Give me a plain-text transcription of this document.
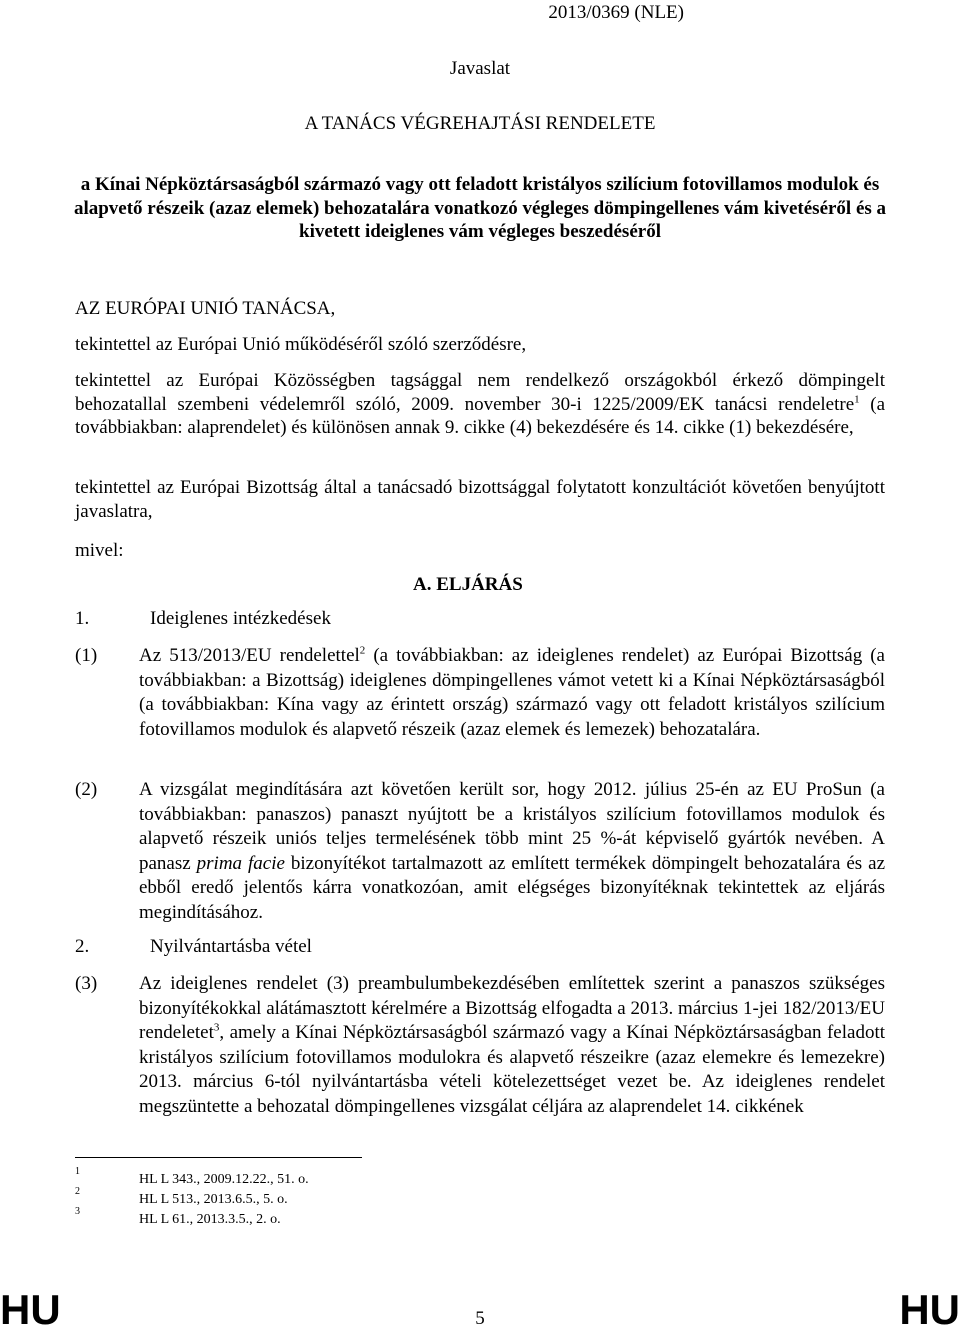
2013/0369 (NLE)
Javaslat
A TANÁCS VÉGREHAJTÁSI RENDELETE
a Kínai Népköztársaságból származó vagy ott feladott kristályos szilícium fotovillamos modulok és alapvető részeik (azaz elemek) behozatalára vonatkozó végleges dömpingellenes vám kivetéséről és a kivetett ideiglenes vám végleges beszedéséről
AZ EURÓPAI UNIÓ TANÁCSA,
tekintettel az Európai Unió működéséről szóló szerződésre,
tekintettel az Európai Közösségben tagsággal nem rendelkező országokból érkező dömpingelt behozatallal szembeni védelemről szóló, 2009. november 30-i 1225/2009/EK tanácsi rendeletre$^1$ (a továbbiakban: alaprendelet) és különösen annak 9. cikke (4) bekezdésére és 14. cikke (1) bekezdésére,
tekintettel az Európai Bizottság által a tanácsadó bizottsággal folytatott konzultációt követően benyújtott javaslatra,
mivel:
A. ELJÁRÁS
1.	Ideiglenes intézkedések
(1) Az 513/2013/EU rendelettel$^2$ (a továbbiakban: az ideiglenes rendelet) az Európai Bizottság (a továbbiakban: a Bizottság) ideiglenes dömpingellenes vámot vetett ki a Kínai Népköztársaságból (a továbbiakban: Kína vagy az érintett ország) származó vagy ott feladott kristályos szilícium fotovillamos modulok és alapvető részeik (azaz elemek és lemezek) behozatalára.
(2) A vizsgálat megindítására azt követően került sor, hogy 2012. július 25-én az EU ProSun (a továbbiakban: panaszos) panaszt nyújtott be a kristályos szilícium fotovillamos modulok és alapvető részeik uniós teljes termelésének több mint 25 %-át képviselő gyártók nevében. A panasz prima facie bizonyítékot tartalmazott az említett termékek dömpingelt behozatalára és az ebből eredő jelentős kárra vonatkozóan, amit elégséges bizonyítéknak tekintettek az eljárás megindításához.
2.	Nyilvántartásba vétel
(3) Az ideiglenes rendelet (3) preambulumbekezdésében említettek szerint a panaszos szükséges bizonyítékokkal alátámasztott kérelmére a Bizottság elfogadta a 2013. március 1-jei 182/2013/EU rendeletet$^3$, amely a Kínai Népköztársaságból származó vagy a Kínai Népköztársaságban feladott kristályos szilícium fotovillamos modulokra és alapvető részeikre (azaz elemekre és lemezekre) 2013. március 6-tól nyilvántartásba vételi kötelezettséget vezet be. Az ideiglenes rendelet megszüntette a behozatal dömpingellenes vizsgálat céljára az alaprendelet 14. cikkének
1
HL L 343., 2009.12.22., 51. o.
2
HL L 513., 2013.6.5., 5. o.
3
HL L 61., 2013.3.5., 2. o.
HU	5	HU
